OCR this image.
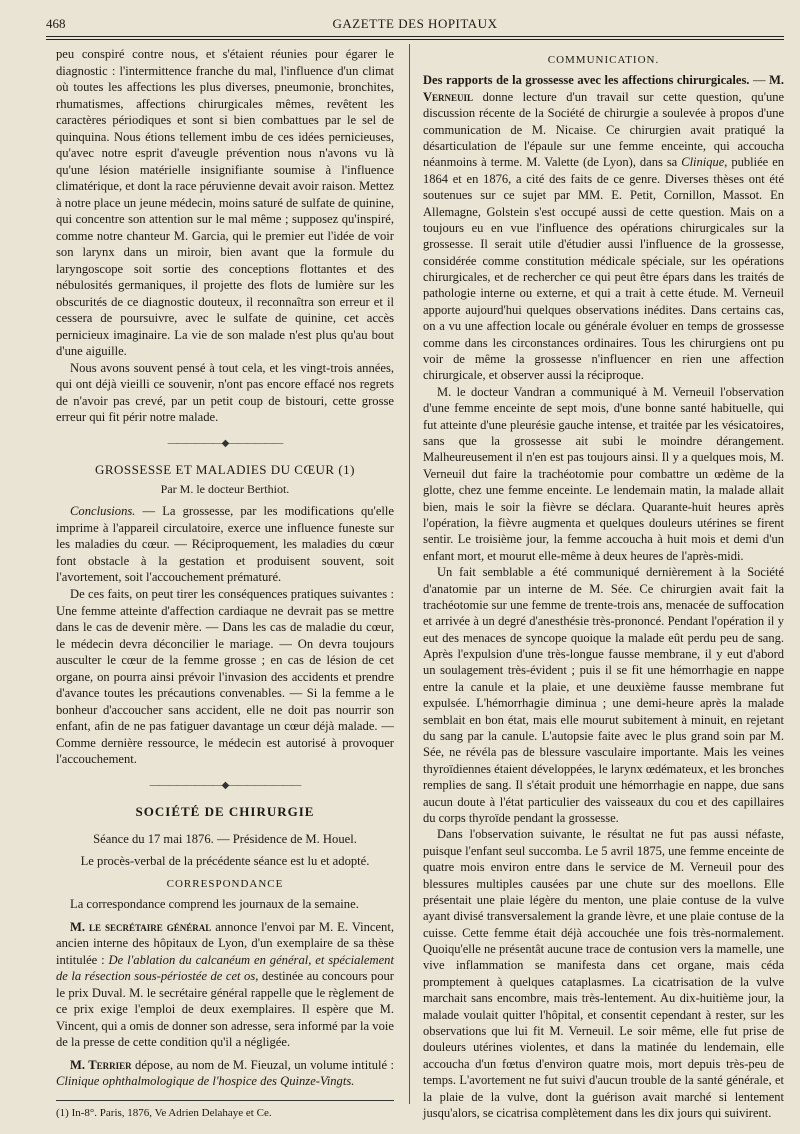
468	GAZETTE DES HOPITAUX

peu conspiré contre nous, et s'étaient réunies pour égarer le diagnostic : l'intermittence franche du mal, l'influence d'un climat où toutes les affections les plus diverses, pneumonie, bronchites, rhumatismes, affections chirurgicales mêmes, revêtent les caractères périodiques et sont si bien combattues par le sel de quinquina. Nous étions tellement imbu de ces idées pernicieuses, qu'avec notre esprit d'aveugle prévention nous n'avons vu là qu'une lésion matérielle insignifiante soumise à l'influence climatérique, et dont la race péruvienne devait avoir raison. Mettez à notre place un jeune médecin, moins saturé de sulfate de quinine, qui concentre son attention sur le mal même ; supposez qu'inspiré, comme notre chanteur M. Garcia, qui le premier eut l'idée de voir son larynx dans un miroir, bien avant que la formule du laryngoscope soit sortie des conceptions flottantes et des nébulosités germaniques, il projette des flots de lumière sur les obscurités de ce diagnostic douteux, il reconnaîtra son erreur et il cessera de poursuivre, avec le sulfate de quinine, cet accès pernicieux imaginaire. La vie de son malade n'est plus qu'au bout d'une aiguille.

Nous avons souvent pensé à tout cela, et les vingt-trois années, qui ont déjà vieilli ce souvenir, n'ont pas encore effacé nos regrets de n'avoir pas crevé, par un petit coup de bistouri, cette grosse erreur qui fit périr notre malade.

——————◆——————
GROSSESSE ET MALADIES DU CŒUR (1)
Par M. le docteur Berthiot.

Conclusions. — La grossesse, par les modifications qu'elle imprime à l'appareil circulatoire, exerce une influence funeste sur les maladies du cœur. — Réciproquement, les maladies du cœur font obstacle à la gestation et produisent souvent, soit l'avortement, soit l'accouchement prématuré.

De ces faits, on peut tirer les conséquences pratiques suivantes : Une femme atteinte d'affection cardiaque ne devrait pas se mettre dans le cas de devenir mère. — Dans les cas de maladie du cœur, le médecin devra déconcilier le mariage. — On devra toujours ausculter le cœur de la femme grosse ; en cas de lésion de cet organe, on pourra ainsi prévoir l'invasion des accidents et prendre d'avance toutes les précautions convenables. — Si la femme a le bonheur d'accoucher sans accident, elle ne doit pas nourrir son enfant, afin de ne pas fatiguer davantage un cœur déjà malade. — Comme dernière ressource, le médecin est autorisé à provoquer l'accouchement.

————————◆————————
SOCIÉTÉ DE CHIRURGIE

Séance du 17 mai 1876. — Présidence de M. Houel.

Le procès-verbal de la précédente séance est lu et adopté.

CORRESPONDANCE

La correspondance comprend les journaux de la semaine.

M. le secrétaire général annonce l'envoi par M. E. Vincent, ancien interne des hôpitaux de Lyon, d'un exemplaire de sa thèse intitulée : De l'ablation du calcanéum en général, et spécialement de la résection sous-périostée de cet os, destinée au concours pour le prix Duval. M. le secrétaire général rappelle que le règlement de ce prix exige l'emploi de deux exemplaires. Il espère que M. Vincent, qui a omis de donner son adresse, sera informé par la voie de la presse de cette condition qu'il a négligée.

M. Terrier dépose, au nom de M. Fieuzal, un volume intitulé : Clinique ophthalmologique de l'hospice des Quinze-Vingts.

(1) In-8°. Paris, 1876, Ve Adrien Delahaye et Ce.

COMMUNICATION.

Des rapports de la grossesse avec les affections chirurgicales. — M. Verneuil donne lecture d'un travail sur cette question, qu'une discussion récente de la Société de chirurgie a soulevée à propos d'une communication de M. Nicaise. Ce chirurgien avait pratiqué la désarticulation de l'épaule sur une femme enceinte, qui accoucha néanmoins à terme. M. Valette (de Lyon), dans sa Clinique, publiée en 1864 et en 1876, a cité des faits de ce genre. Diverses thèses ont été soutenues sur ce sujet par MM. E. Petit, Cornillon, Massot. En Allemagne, Golstein s'est occupé aussi de cette question. Mais on a toujours eu en vue l'influence des opérations chirurgicales sur la grossesse. Il serait utile d'étudier aussi l'influence de la grossesse, considérée comme constitution médicale spéciale, sur les opérations chirurgicales, et de rechercher ce qui peut être épars dans les traités de pathologie interne ou externe, et qui a trait à cette étude. M. Verneuil apporte aujourd'hui quelques observations inédites. Dans certains cas, on a vu une affection locale ou générale évoluer en temps de grossesse comme dans les circonstances ordinaires. Tous les chirurgiens ont pu voir de même la grossesse n'influencer en rien une affection chirurgicale, et observer aussi la réciproque.

M. le docteur Vandran a communiqué à M. Verneuil l'observation d'une femme enceinte de sept mois, d'une bonne santé habituelle, qui fut atteinte d'une pleurésie gauche intense, et traitée par les vésicatoires, sans que la grossesse ait subi le moindre dérangement. Malheureusement il n'en est pas toujours ainsi. Il y a quelques mois, M. Verneuil dut faire la trachéotomie pour combattre un œdème de la glotte, chez une femme enceinte. Le lendemain matin, la malade allait bien, mais le soir la fièvre se déclara. Quarante-huit heures après l'opération, la fièvre augmenta et quelques douleurs utérines se firent sentir. Le troisième jour, la femme accoucha à huit mois et demi d'un enfant mort, et mourut elle-même à deux heures de l'après-midi.

Un fait semblable a été communiqué dernièrement à la Société d'anatomie par un interne de M. Sée. Ce chirurgien avait fait la trachéotomie sur une femme de trente-trois ans, menacée de suffocation et arrivée à un degré d'anesthésie très-prononcé. Pendant l'opération il y eut des menaces de syncope quoique la malade eût perdu peu de sang. Après l'expulsion d'une très-longue fausse membrane, il y eut d'abord un soulagement très-évident ; puis il se fit une hémorrhagie en nappe entre la canule et la plaie, et une deuxième fausse membrane fut expulsée. L'hémorrhagie diminua ; une demi-heure après la malade semblait en bon état, mais elle mourut subitement à minuit, en rejetant du sang par la canule. L'autopsie faite avec le plus grand soin par M. Sée, ne révéla pas de blessure vasculaire importante. Mais les veines thyroïdiennes étaient développées, le larynx œdémateux, et les bronches remplies de sang. Il s'était produit une hémorrhagie en nappe, due sans aucun doute à l'état particulier des vaisseaux du cou et des capillaires du corps thyroïde pendant la grossesse.

Dans l'observation suivante, le résultat ne fut pas aussi néfaste, puisque l'enfant seul succomba. Le 5 avril 1875, une femme enceinte de quatre mois environ entre dans le service de M. Verneuil pour des blessures multiples causées par une chute sur des moellons. Elle présentait une plaie légère du menton, une plaie contuse de la vulve ayant divisé transversalement la grande lèvre, et une plaie contuse de la cuisse. Cette femme était déjà accouchée une fois très-normalement. Quoiqu'elle ne présentât aucune trace de contusion vers la mamelle, une vive inflammation se manifesta dans cet organe, mais céda promptement à quelques cataplasmes. La cicatrisation de la vulve marchait sans encombre, mais très-lentement. Au dix-huitième jour, la malade voulait quitter l'hôpital, et consentit cependant à rester, sur les observations que lui fit M. Verneuil. Le soir même, elle fut prise de douleurs utérines violentes, et dans la matinée du lendemain, elle accoucha d'un fœtus d'environ quatre mois, mort depuis très-peu de temps. L'avortement ne fut suivi d'aucun trouble de la santé générale, et la plaie de la vulve, dont la guérison avait marché si lentement jusqu'alors, se cicatrisa complètement dans les dix jours qui suivirent.
